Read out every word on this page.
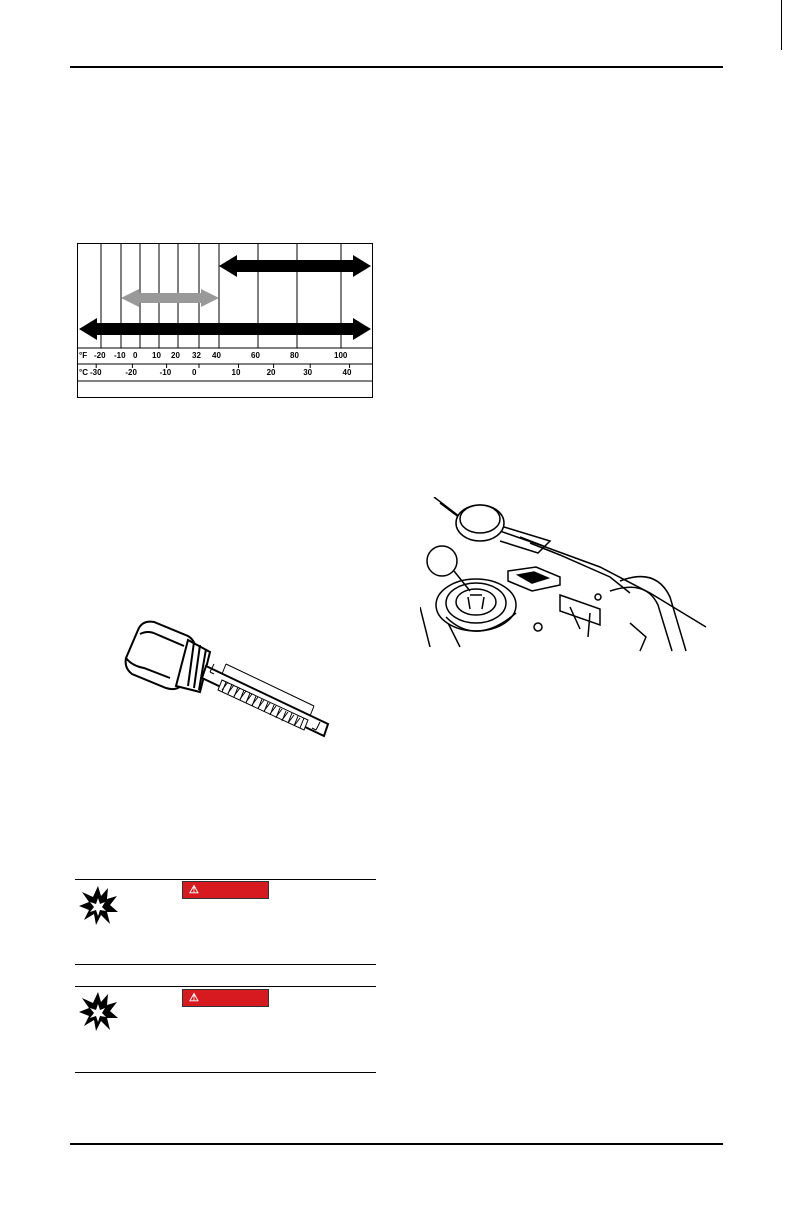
°F -20 -10 0 10 20 32 40	60	80	100
°C -30	-20	-10	0	10	20	30	40
⚠
⚠
